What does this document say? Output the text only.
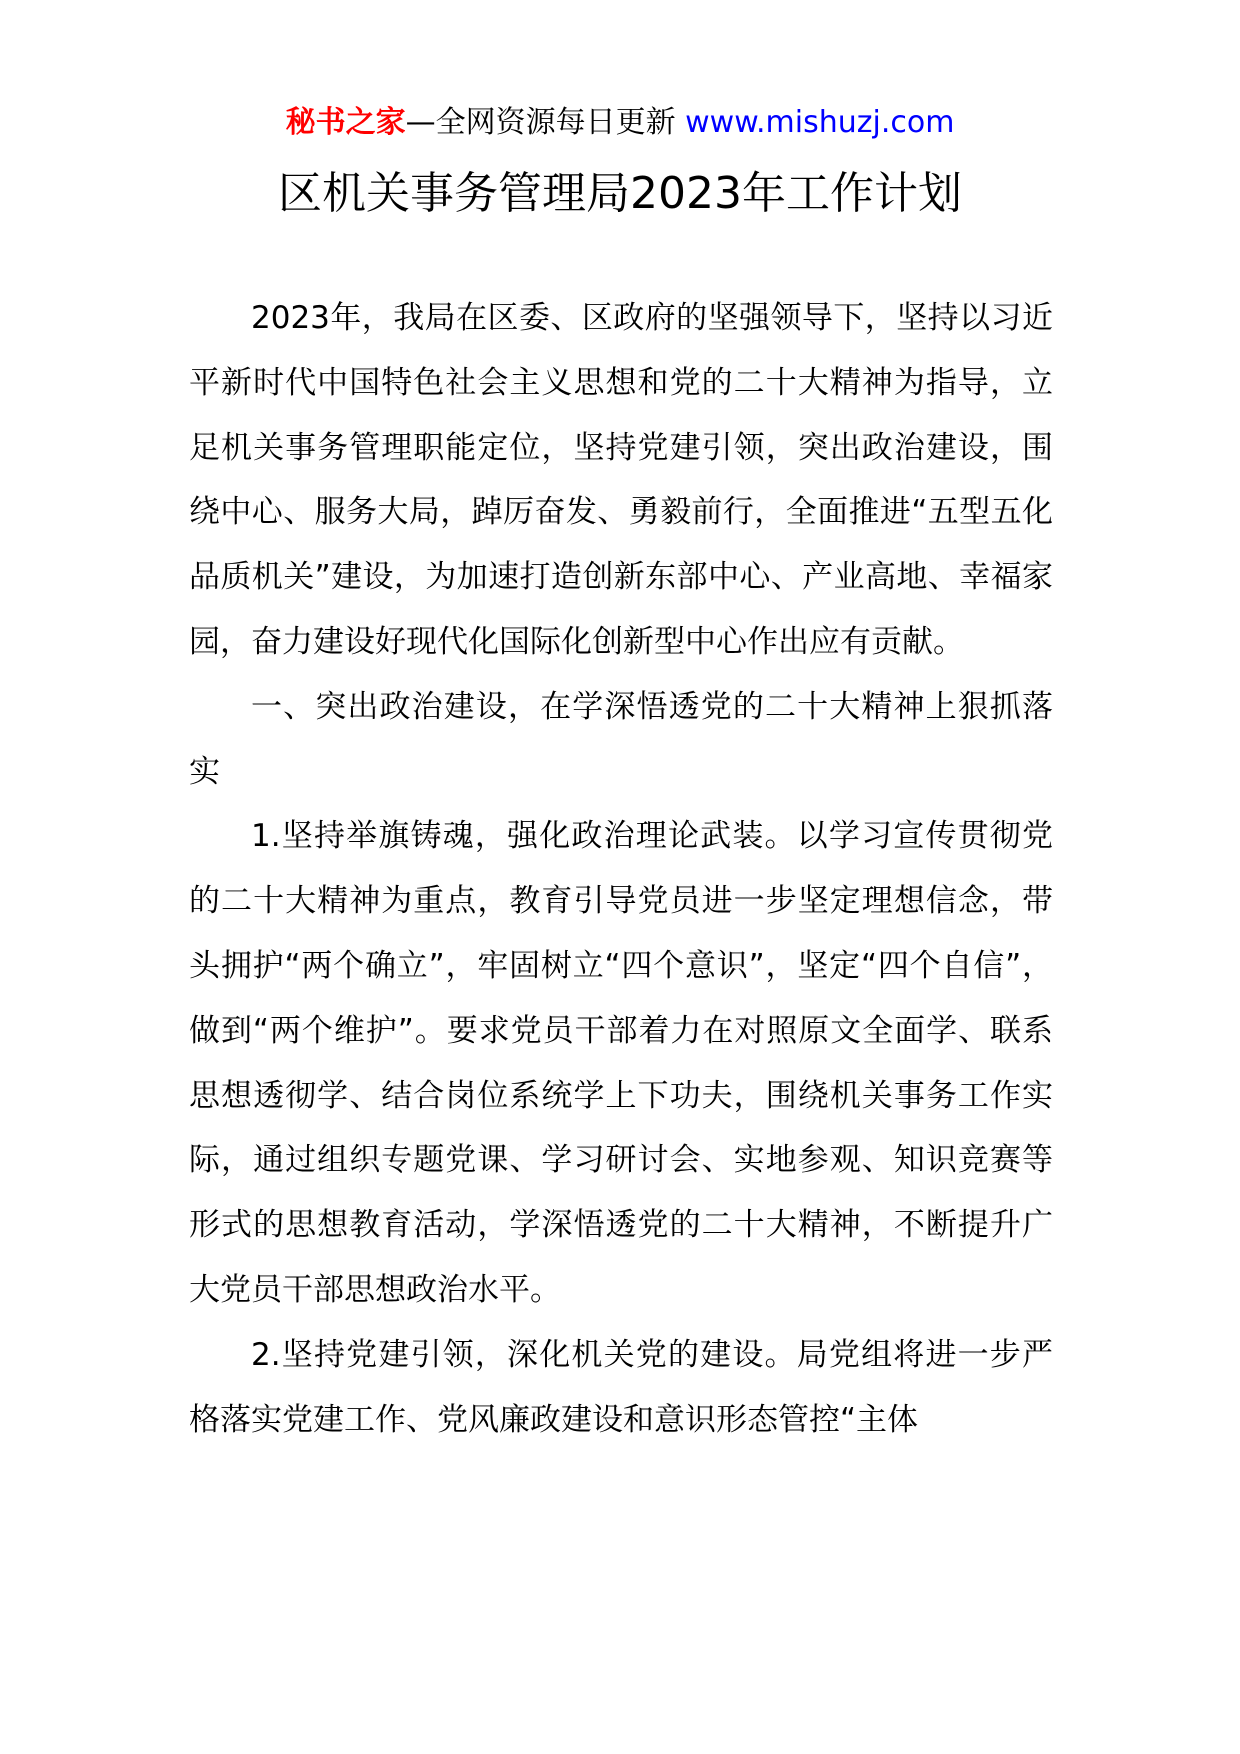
秘书之家—全网资源每日更新 www.mishuzj.com
区机关事务管理局2023年工作计划

2023年，我局在区委、区政府的坚强领导下，坚持以习近平新时代中国特色社会主义思想和党的二十大精神为指导，立足机关事务管理职能定位，坚持党建引领，突出政治建设，围绕中心、服务大局，踔厉奋发、勇毅前行，全面推进“五型五化品质机关”建设，为加速打造创新东部中心、产业高地、幸福家园，奋力建设好现代化国际化创新型中心作出应有贡献。

一、突出政治建设，在学深悟透党的二十大精神上狠抓落实

1.坚持举旗铸魂，强化政治理论武装。以学习宣传贯彻党的二十大精神为重点，教育引导党员进一步坚定理想信念，带头拥护“两个确立”，牢固树立“四个意识”，坚定“四个自信”，做到“两个维护”。要求党员干部着力在对照原文全面学、联系思想透彻学、结合岗位系统学上下功夫，围绕机关事务工作实际，通过组织专题党课、学习研讨会、实地参观、知识竞赛等形式的思想教育活动，学深悟透党的二十大精神，不断提升广大党员干部思想政治水平。

2.坚持党建引领，深化机关党的建设。局党组将进一步严格落实党建工作、党风廉政建设和意识形态管控“主体
